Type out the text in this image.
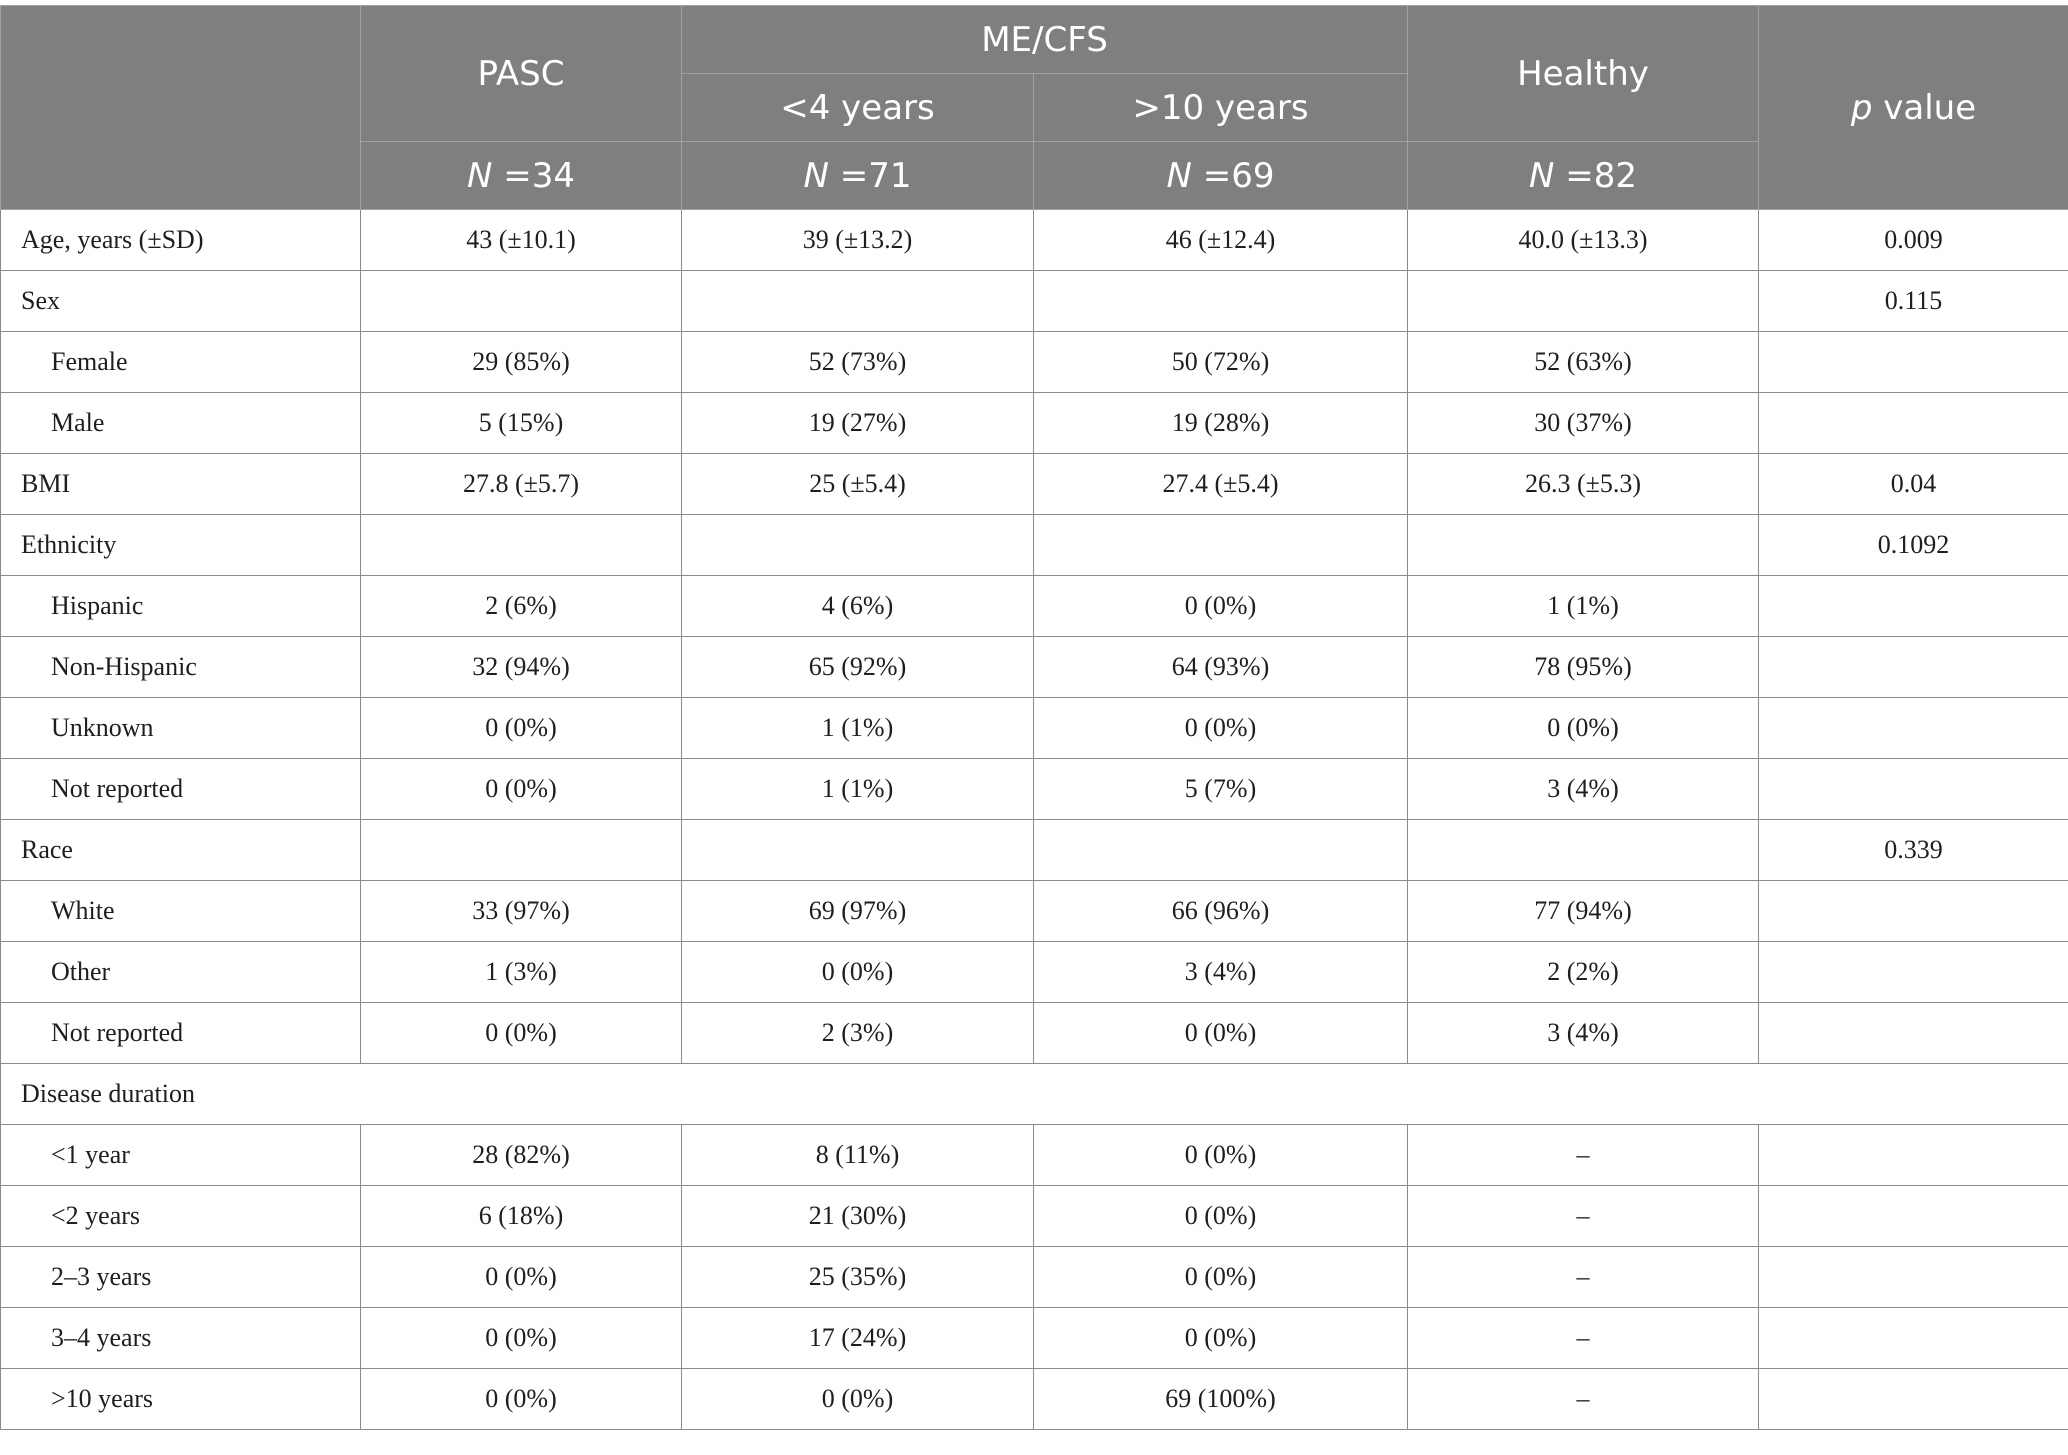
	PASC	ME/CFS		Healthy	p value
		<4 years	>10 years		
	N =34	N =71	N =69	N =82	
Age, years (±SD)	43 (±10.1)	39 (±13.2)	46 (±12.4)	40.0 (±13.3)	0.009
Sex					0.115
Female	29 (85%)	52 (73%)	50 (72%)	52 (63%)	
Male	5 (15%)	19 (27%)	19 (28%)	30 (37%)	
BMI	27.8 (±5.7)	25 (±5.4)	27.4 (±5.4)	26.3 (±5.3)	0.04
Ethnicity					0.1092
Hispanic	2 (6%)	4 (6%)	0 (0%)	1 (1%)	
Non-Hispanic	32 (94%)	65 (92%)	64 (93%)	78 (95%)	
Unknown	0 (0%)	1 (1%)	0 (0%)	0 (0%)	
Not reported	0 (0%)	1 (1%)	5 (7%)	3 (4%)	
Race					0.339
White	33 (97%)	69 (97%)	66 (96%)	77 (94%)	
Other	1 (3%)	0 (0%)	3 (4%)	2 (2%)	
Not reported	0 (0%)	2 (3%)	0 (0%)	3 (4%)	
Disease duration					
<1 year	28 (82%)	8 (11%)	0 (0%)	–	
<2 years	6 (18%)	21 (30%)	0 (0%)	–	
2–3 years	0 (0%)	25 (35%)	0 (0%)	–	
3–4 years	0 (0%)	17 (24%)	0 (0%)	–	
>10 years	0 (0%)	0 (0%)	69 (100%)	–	
